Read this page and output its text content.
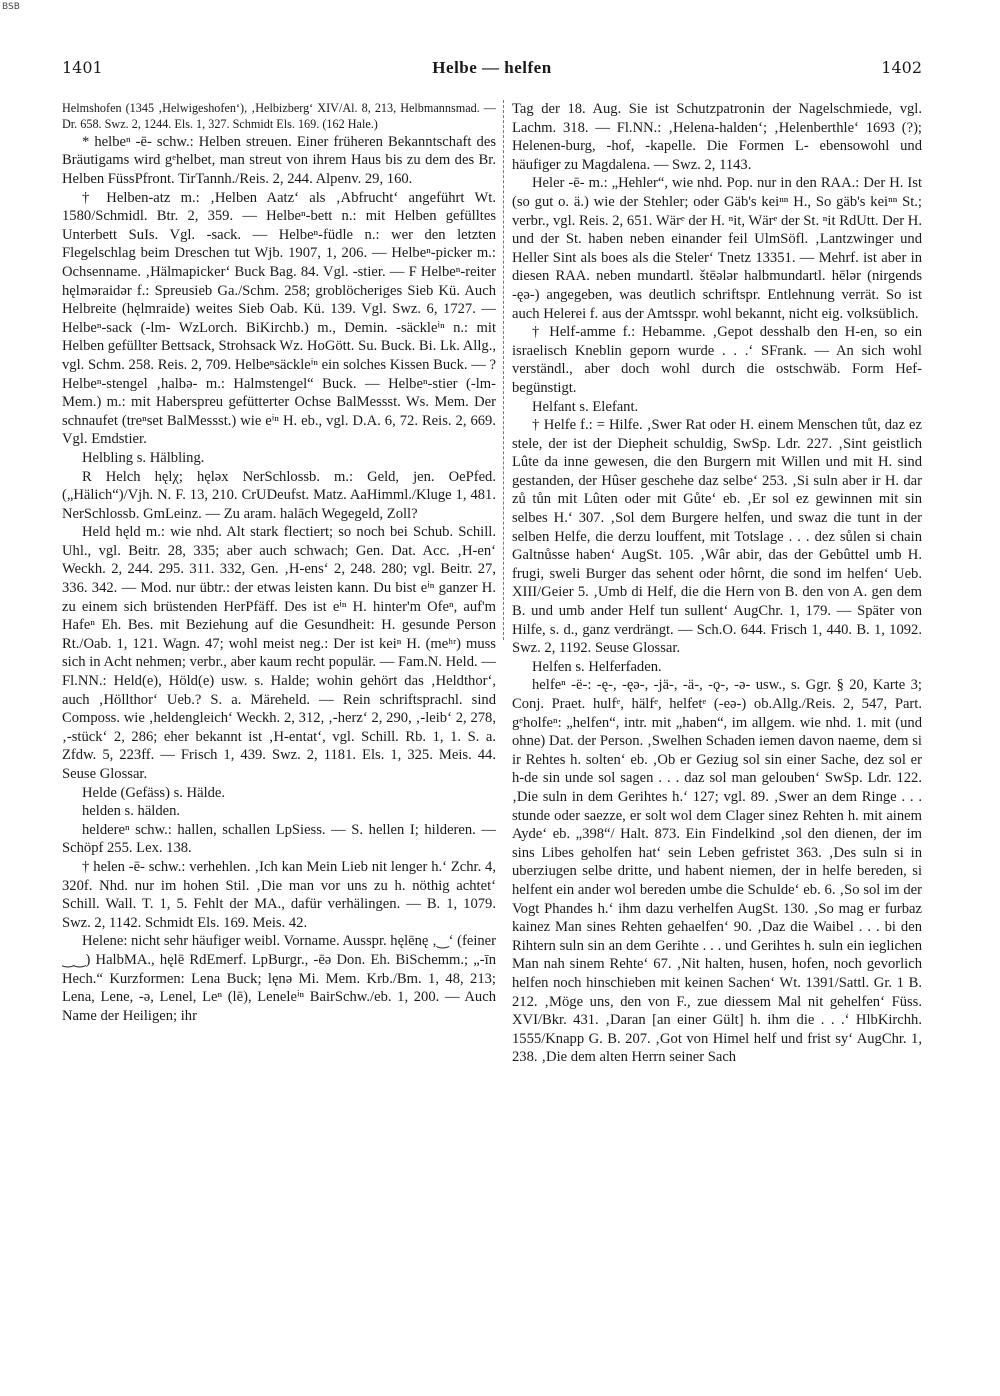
BSB
1401	Helbe — helfen	1402

Helmshofen (1345 ‚Helwigeshofen‘), ‚Helbizberg‘ XIV/Al. 8, 213, Helbmannsmad. — Dr. 658. Swz. 2, 1244. Els. 1, 327. Schmidt Els. 169. (162 Hale.)

* helbeⁿ -ē- schw.: Helben streuen. Einer früheren Bekanntschaft des Bräutigams wird gᵉhelbet, man streut von ihrem Haus bis zu dem des Br. Helben FüssPfront. TirTannh./Reis. 2, 244. Alpenv. 29, 160.

† Helben-atz m.: ‚Helben Aatz‘ als ‚Abfrucht‘ angeführt Wt. 1580/Schmidl. Btr. 2, 359. — Helbeⁿ-bett n.: mit Helben gefülltes Unterbett SuIs. Vgl. -sack. — Helbeⁿ-füdle n.: wer den letzten Flegelschlag beim Dreschen tut Wjb. 1907, 1, 206. — Helbeⁿ-picker m.: Ochsenname. ‚Hälmapicker‘ Buck Bag. 84. Vgl. -stier. — F Helbeⁿ-reiter hęlmǝraidǝr f.: Spreusieb Ga./Schm. 258; groblöcheriges Sieb Kü. Auch Helbreite (hęlmraide) weites Sieb Oab. Kü. 139. Vgl. Swz. 6, 1727. — Helbeⁿ-sack (-lm- WzLorch. BiKirchb.) m., Demin. -säckleⁱⁿ n.: mit Helben gefüllter Bettsack, Strohsack Wz. HoGött. Su. Buck. Bi. Lk. Allg., vgl. Schm. 258. Reis. 2, 709. Helbeⁿsäckleⁱⁿ ein solches Kissen Buck. — ? Helbeⁿ-stengel ‚halbǝ- m.: Halmstengel“ Buck. — Helbeⁿ-stier (-lm- Mem.) m.: mit Haberspreu gefütterter Ochse BalMessst. Ws. Mem. Der schnaufet (treⁿset BalMessst.) wie eⁱⁿ H. eb., vgl. D.A. 6, 72. Reis. 2, 669. Vgl. Emdstier.

Helbling s. Hälbling.

R Helch hęlχ; hęlǝx NerSchlossb. m.: Geld, jen. OePfed. („Hälich“)/Vjh. N. F. 13, 210. CrUDeufst. Matz. AaHimml./Kluge 1, 481. NerSchlossb. GmLeinz. — Zu aram. halāch Wegegeld, Zoll?

Held hęld m.: wie nhd. Alt stark flectiert; so noch bei Schub. Schill. Uhl., vgl. Beitr. 28, 335; aber auch schwach; Gen. Dat. Acc. ‚H-en‘ Weckh. 2, 244. 295. 311. 332, Gen. ‚H-ens‘ 2, 248. 280; vgl. Beitr. 27, 336. 342. — Mod. nur übtr.: der etwas leisten kann. Du bist eⁱⁿ ganzer H. zu einem sich brüstenden HerPfäff. Des ist eⁱⁿ H. hinter'm Ofeⁿ, auf'm Hafeⁿ Eh. Bes. mit Beziehung auf die Gesundheit: H. gesunde Person Rt./Oab. 1, 121. Wagn. 47; wohl meist neg.: Der ist keiⁿ H. (meʰʳ) muss sich in Acht nehmen; verbr., aber kaum recht populär. — Fam.N. Held. — Fl.NN.: Held(e), Höld(e) usw. s. Halde; wohin gehört das ‚Heldthor‘, auch ‚Höllthor‘ Ueb.? S. a. Märeheld. — Rein schriftsprachl. sind Composs. wie ‚heldengleich‘ Weckh. 2, 312, ‚-herz‘ 2, 290, ‚-leib‘ 2, 278, ‚-stück‘ 2, 286; eher bekannt ist ‚H-entat‘, vgl. Schill. Rb. 1, 1. S. a. Zfdw. 5, 223ff. — Frisch 1, 439. Swz. 2, 1181. Els. 1, 325. Meis. 44. Seuse Glossar.

Helde (Gefäss) s. Hälde.

helden s. hälden.

heldereⁿ schw.: hallen, schallen LpSiess. — S. hellen I; hilderen. — Schöpf 255. Lex. 138.

† helen -ē- schw.: verhehlen. ‚Ich kan Mein Lieb nit lenger h.‘ Zchr. 4, 320f. Nhd. nur im hohen Stil. ‚Die man vor uns zu h. nöthig achtet‘ Schill. Wall. T. 1, 5. Fehlt der MA., dafür verhälingen. — B. 1, 1079. Swz. 2, 1142. Schmidt Els. 169. Meis. 42.

Helene: nicht sehr häufiger weibl. Vorname. Ausspr. hęlēnę ‚‿‘ (feiner ‿‿) HalbMA., hęlē RdEmerf. LpBurgr., -ēǝ Don. Eh. BiSchemm.; „-īn Hech.“ Kurzformen: Lena Buck; lęnǝ Mi. Mem. Krb./Bm. 1, 48, 213; Lena, Lene, -ǝ, Lenel, Leⁿ (lē), Leneleⁱⁿ BairSchw./eb. 1, 200. — Auch Name der Heiligen; ihr

Tag der 18. Aug. Sie ist Schutzpatronin der Nagelschmiede, vgl. Lachm. 318. — Fl.NN.: ‚Helena-halden‘; ‚Helenberthle‘ 1693 (?); Helenen-burg, -hof, -kapelle. Die Formen L- ebensowohl und häufiger zu Magdalena. — Swz. 2, 1143.

Heler -ē- m.: „Hehler“, wie nhd. Pop. nur in den RAA.: Der H. Ist (so gut o. ä.) wie der Stehler; oder Gäb's keiⁿⁿ H., So gäb's keiⁿⁿ St.; verbr., vgl. Reis. 2, 651. Wärᵉ der H. ⁿit, Wärᵉ der St. ⁿit RdUtt. Der H. und der St. haben neben einander feil UlmSöfl. ‚Lantzwinger und Heller Sint als boes als die Steler‘ Tnetz 13351. — Mehrf. ist aber in diesen RAA. neben mundartl. štēǝlǝr halbmundartl. hēlǝr (nirgends -ęǝ-) angegeben, was deutlich schriftspr. Entlehnung verrät. So ist auch Helerei f. aus der Amtsspr. wohl bekannt, nicht eig. volksüblich.

† Helf-amme f.: Hebamme. ‚Gepot desshalb den H-en, so ein israelisch Kneblin geporn wurde . . .‘ SFrank. — An sich wohl verständl., aber doch wohl durch die ostschwäb. Form Hef- begünstigt.

Helfant s. Elefant.

† Helfe f.: = Hilfe. ‚Swer Rat oder H. einem Menschen tůt, daz ez stele, der ist der Diepheit schuldig, SwSp. Ldr. 227. ‚Sint geistlich Lûte da inne gewesen, die den Burgern mit Willen und mit H. sind gestanden, der Hûser geschehe daz selbe‘ 253. ‚Si suln aber ir H. dar zů tůn mit Lûten oder mit Gůte‘ eb. ‚Er sol ez gewinnen mit sin selbes H.‘ 307. ‚Sol dem Burgere helfen, und swaz die tunt in der selben Helfe, die derzu louffent, mit Totslage . . . dez sůlen si chain Galtnůsse haben‘ AugSt. 105. ‚Wâr abir, das der Gebûttel umb H. frugi, sweli Burger das sehent oder hôrnt, die sond im helfen‘ Ueb. XIII/Geier 5. ‚Umb di Helf, die die Hern von B. den von A. gen dem B. und umb ander Helf tun sullent‘ AugChr. 1, 179. — Später von Hilfe, s. d., ganz verdrängt. — Sch.O. 644. Frisch 1, 440. B. 1, 1092. Swz. 2, 1192. Seuse Glossar.

Helfen s. Helferfaden.

helfeⁿ -ë-: -ę-, -ęǝ-, -jä-, -ä-, -ǫ-, -ǝ- usw., s. Ggr. § 20, Karte 3; Conj. Praet. hulfᵉ, hälfᵉ, helfetᵉ (-eǝ-) ob.Allg./Reis. 2, 547, Part. gᵉholfeⁿ: „helfen“, intr. mit „haben“, im allgem. wie nhd. 1. mit (und ohne) Dat. der Person. ‚Swelhen Schaden iemen davon naeme, dem si ir Rehtes h. solten‘ eb. ‚Ob er Geziug sol sin einer Sache, dez sol er h-de sin unde sol sagen . . . daz sol man gelouben‘ SwSp. Ldr. 122. ‚Die suln in dem Gerihtes h.‘ 127; vgl. 89. ‚Swer an dem Ringe . . . stunde oder saezze, er solt wol dem Clager sinez Rehten h. mit ainem Ayde‘ eb. „398“/ Halt. 873. Ein Findelkind ‚sol den dienen, der im sins Libes geholfen hat‘ sein Leben gefristet 363. ‚Des suln si in uberziugen selbe dritte, und habent niemen, der in helfe bereden, si helfent ein ander wol bereden umbe die Schulde‘ eb. 6. ‚So sol im der Vogt Phandes h.‘ ihm dazu verhelfen AugSt. 130. ‚So mag er furbaz kainez Man sines Rehten gehaelfen‘ 90. ‚Daz die Waibel . . . bi den Rihtern suln sin an dem Gerihte . . . und Gerihtes h. suln ein ieglichen Man nah sinem Rehte‘ 67. ‚Nit halten, husen, hofen, noch gevorlich helfen noch hinschieben mit keinen Sachen‘ Wt. 1391/Sattl. Gr. 1 B. 212. ‚Möge uns, den von F., zue diessem Mal nit gehelfen‘ Füss. XVI/Bkr. 431. ‚Daran [an einer Gült] h. ihm die . . .‘ HlbKirchh. 1555/Knapp G. B. 207. ‚Got von Himel helf und frist sy‘ AugChr. 1, 238. ‚Die dem alten Herrn seiner Sach
